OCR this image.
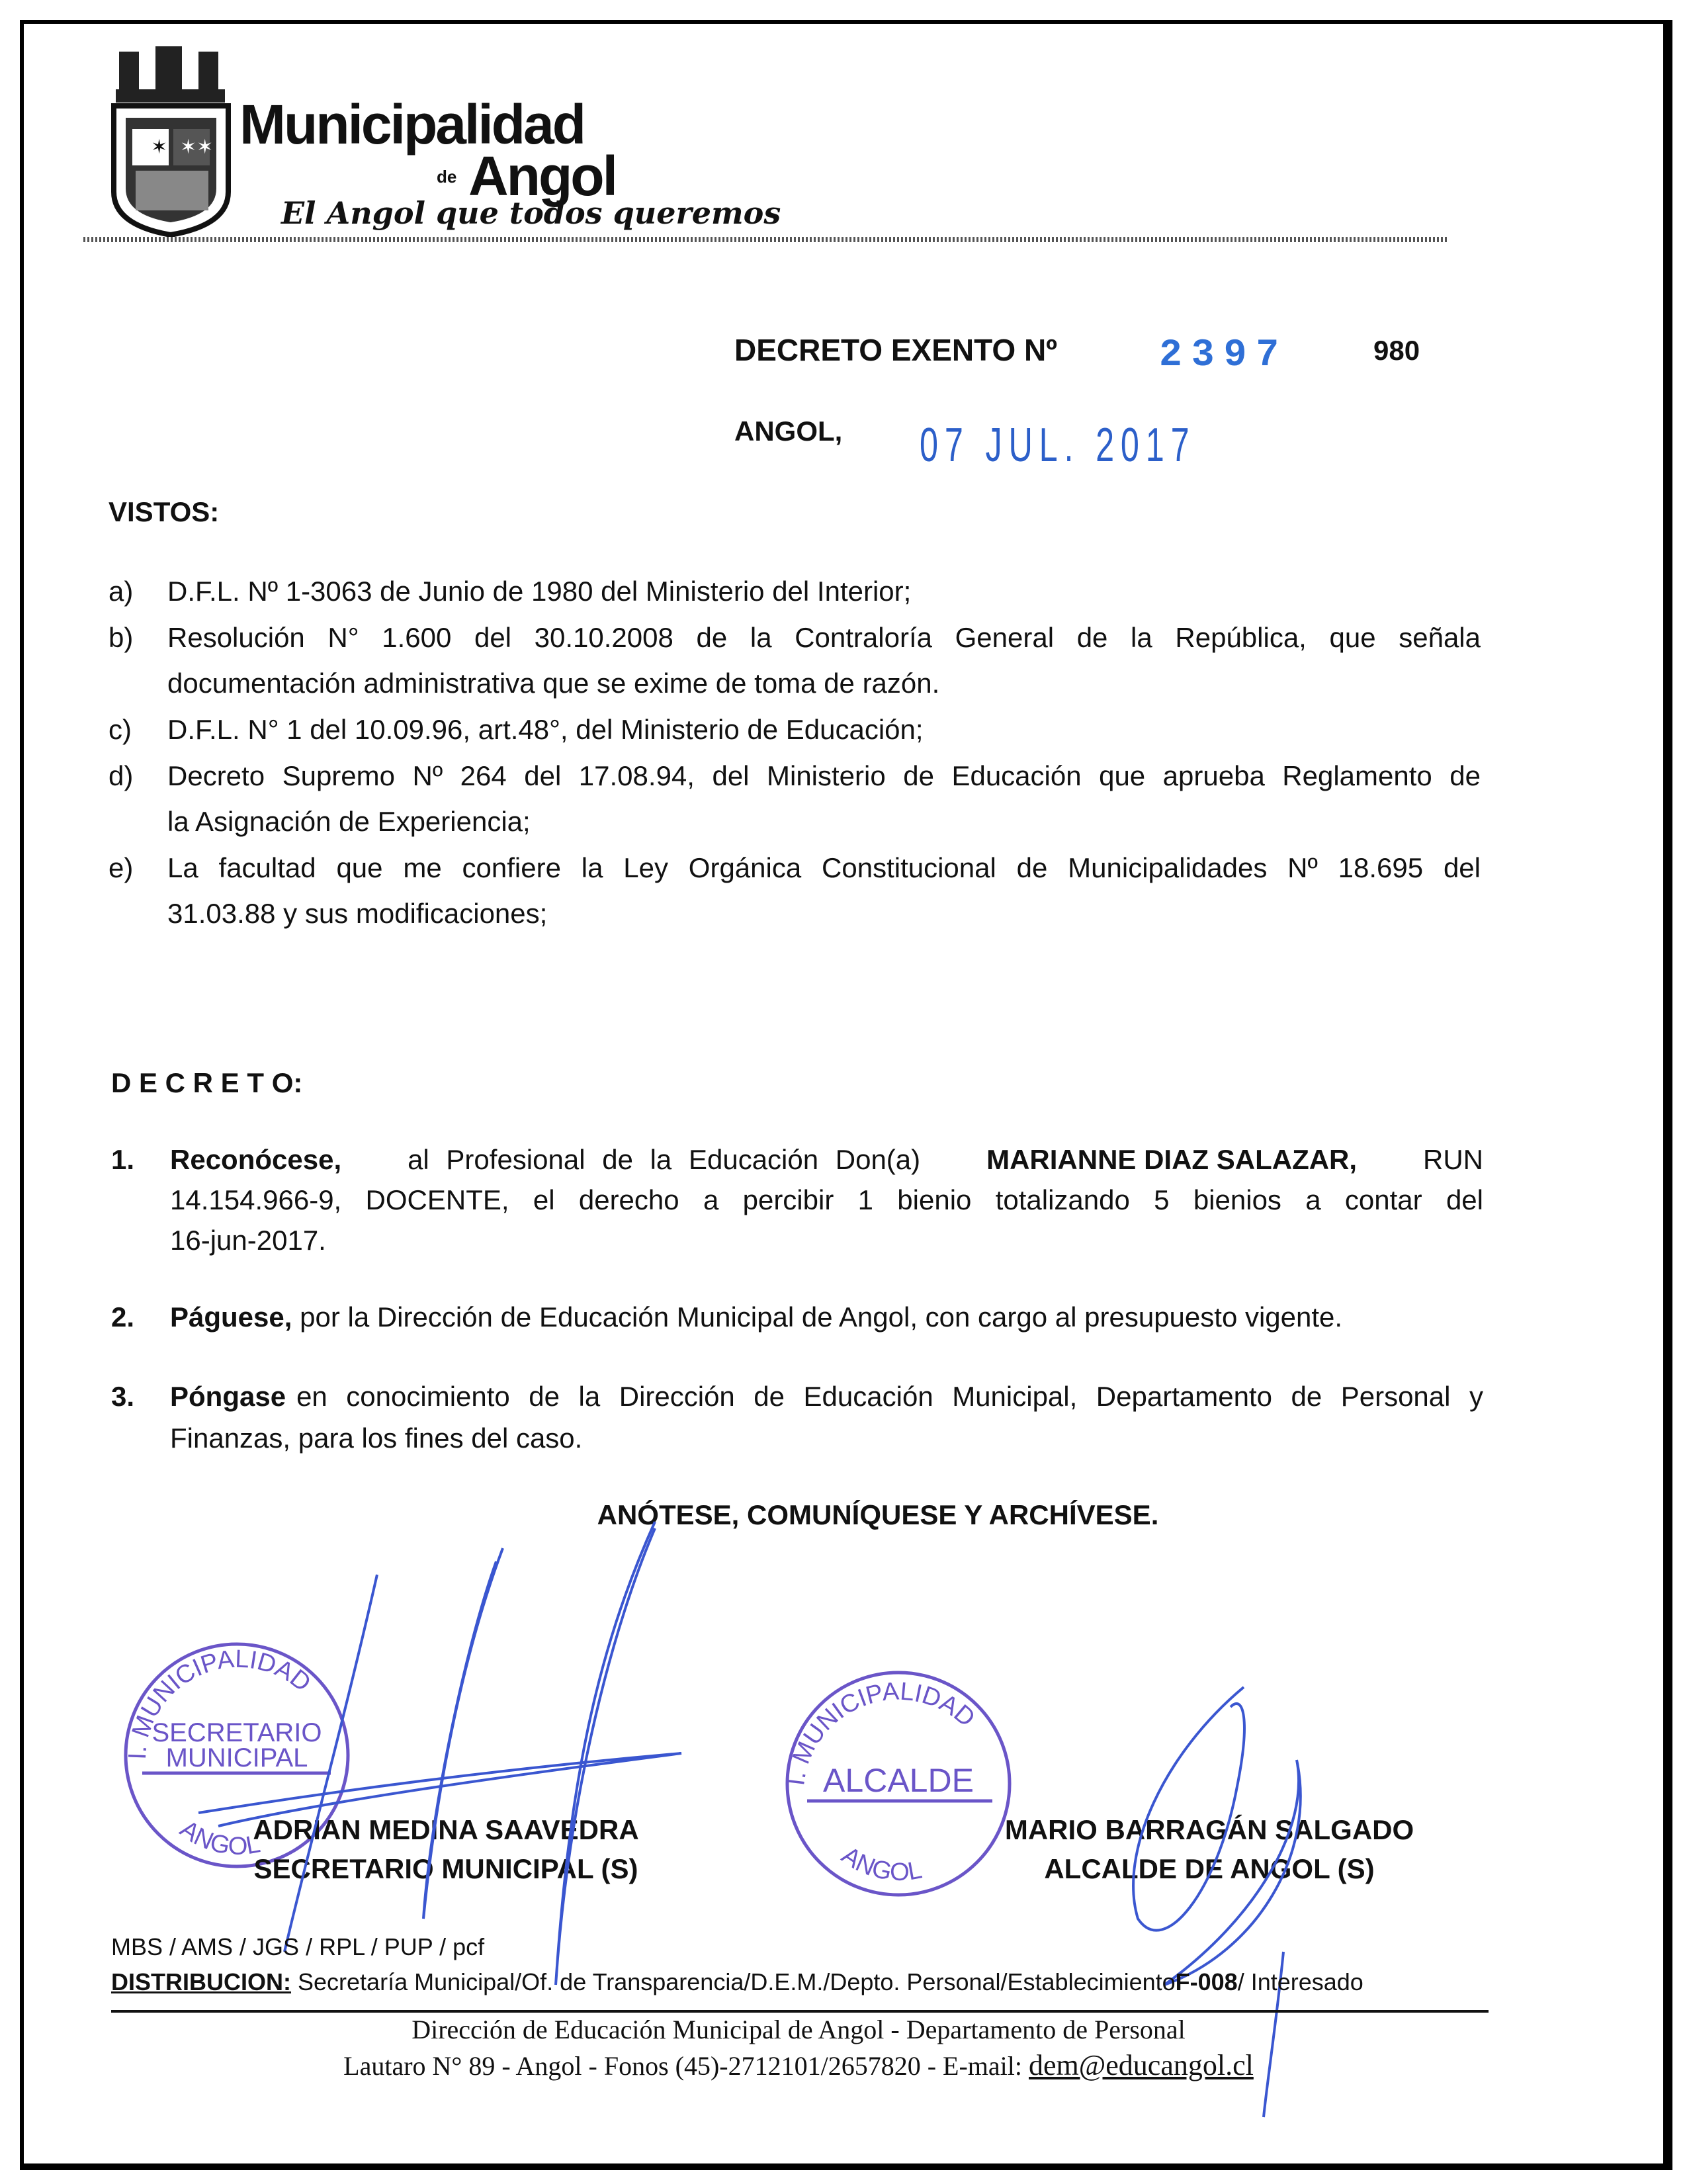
✶ ✶✶ Municipalidad
de Angol
El Angol que todos queremos
DECRETO EXENTO Nº	2397	980
ANGOL, 07 JUL. 2017
VISTOS:
a) D.F.L. Nº 1-3063 de Junio de 1980 del Ministerio del Interior;
b) Resolución N° 1.600 del 30.10.2008 de la Contraloría General de la República, que señala
documentación administrativa que se exime de toma de razón.
c) D.F.L. N° 1 del 10.09.96, art.48°, del Ministerio de Educación;
d) Decreto Supremo Nº 264 del 17.08.94, del Ministerio de Educación que aprueba Reglamento de
la Asignación de Experiencia;
e) La facultad que me confiere la Ley Orgánica Constitucional de Municipalidades Nº 18.695 del
31.03.88 y sus modificaciones;
D E C R E T O:
1. Reconócese, al Profesional de la Educación Don(a) MARIANNE DIAZ SALAZAR, RUN
14.154.966-9, DOCENTE, el derecho a percibir 1 bienio totalizando 5 bienios a contar del
16-jun-2017.
2. Páguese, por la Dirección de Educación Municipal de Angol, con cargo al presupuesto vigente.
3. Póngase en conocimiento de la Dirección de Educación Municipal, Departamento de Personal y
Finanzas, para los fines del caso.
ANÓTESE, COMUNÍQUESE Y ARCHÍVESE.
I. MUNICIPALIDAD
ANGOL
SECRETARIO
MUNICIPAL
I. MUNICIPALIDAD
ANGOL
ALCALDE
ADRIAN MEDINA SAAVEDRA
SECRETARIO MUNICIPAL (S)
MARIO BARRAGÁN SALGADO
ALCALDE DE ANGOL (S)
MBS / AMS / JGS / RPL / PUP / pcf
DISTRIBUCION: Secretaría Municipal/Of. de Transparencia/D.E.M./Depto. Personal/EstablecimientoF-008/ Interesado
Dirección de Educación Municipal de Angol - Departamento de Personal
Lautaro N° 89 - Angol - Fonos (45)-2712101/2657820 - E-mail: dem@educangol.cl
